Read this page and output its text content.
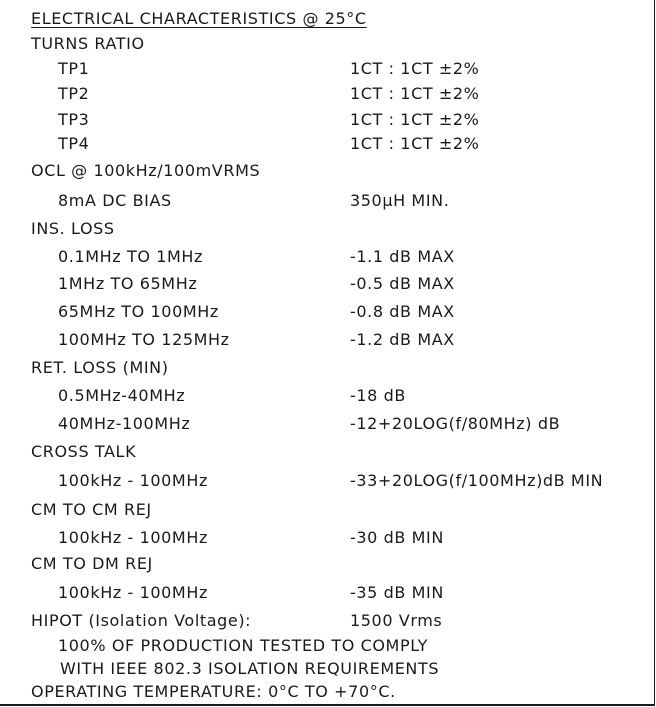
ELECTRICAL CHARACTERISTICS @ 25°C
TURNS RATIO
TP1	1CT : 1CT ±2%
TP2	1CT : 1CT ±2%
TP3	1CT : 1CT ±2%
TP4	1CT : 1CT ±2%
OCL @ 100kHz/100mVRMS
8mA DC BIAS	350μH MIN.
INS. LOSS
0.1MHz TO 1MHz	-1.1 dB MAX
1MHz TO 65MHz	-0.5 dB MAX
65MHz TO 100MHz	-0.8 dB MAX
100MHz TO 125MHz	-1.2 dB MAX
RET. LOSS (MIN)
0.5MHz-40MHz	-18 dB
40MHz-100MHz	-12+20LOG(f/80MHz) dB
CROSS TALK
100kHz - 100MHz	-33+20LOG(f/100MHz)dB MIN
CM TO CM REJ
100kHz - 100MHz	-30 dB MIN
CM TO DM REJ
100kHz - 100MHz	-35 dB MIN
HIPOT (Isolation Voltage):	1500 Vrms
100% OF PRODUCTION TESTED TO COMPLY
WITH IEEE 802.3 ISOLATION REQUIREMENTS
OPERATING TEMPERATURE: 0°C TO +70°C.
